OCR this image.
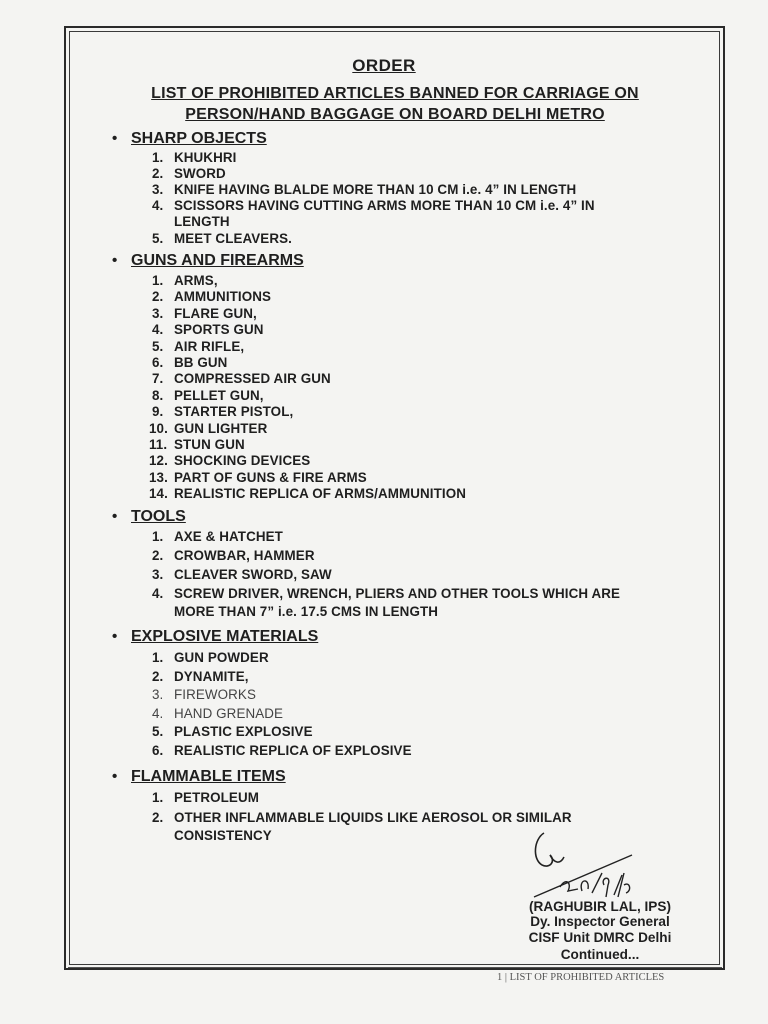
ORDER
LIST OF PROHIBITED ARTICLES BANNED FOR CARRIAGE ON
PERSON/HAND BAGGAGE ON BOARD DELHI METRO
• SHARP OBJECTS
1. KHUKHRI
2. SWORD
3. KNIFE HAVING BLALDE MORE THAN 10 CM i.e. 4” IN LENGTH
4. SCISSORS HAVING CUTTING ARMS MORE THAN 10 CM i.e. 4” IN
LENGTH
5. MEET CLEAVERS.
• GUNS AND FIREARMS
1. ARMS,
2. AMMUNITIONS
3. FLARE GUN,
4. SPORTS GUN
5. AIR RIFLE,
6. BB GUN
7. COMPRESSED AIR GUN
8. PELLET GUN,
9. STARTER PISTOL,
10. GUN LIGHTER
11. STUN GUN
12. SHOCKING DEVICES
13. PART OF GUNS & FIRE ARMS
14. REALISTIC REPLICA OF ARMS/AMMUNITION
• TOOLS
1. AXE & HATCHET
2. CROWBAR, HAMMER
3. CLEAVER SWORD, SAW
4. SCREW DRIVER, WRENCH, PLIERS AND OTHER TOOLS WHICH ARE
MORE THAN 7” i.e. 17.5 CMS IN LENGTH
• EXPLOSIVE MATERIALS
1. GUN POWDER
2. DYNAMITE,
3. FIREWORKS
4. HAND GRENADE
5. PLASTIC EXPLOSIVE
6. REALISTIC REPLICA OF EXPLOSIVE
• FLAMMABLE ITEMS
1. PETROLEUM
2. OTHER INFLAMMABLE LIQUIDS LIKE AEROSOL OR SIMILAR
CONSISTENCY
(RAGHUBIR LAL, IPS)
Dy. Inspector General
CISF Unit DMRC Delhi
Continued...
1 | LIST OF PROHIBITED ARTICLES
